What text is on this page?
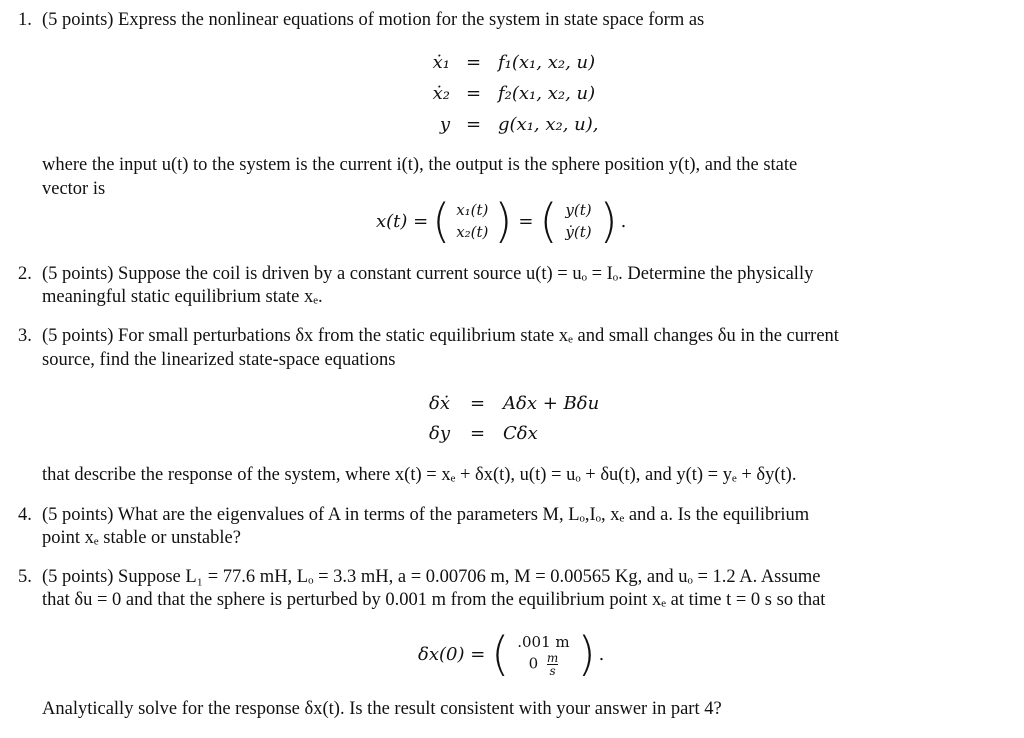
1. (5 points) Express the nonlinear equations of motion for the system in state space form as
ẋ₁ = f₁(x₁, x₂, u)
ẋ₂ = f₂(x₁, x₂, u)
y = g(x₁, x₂, u),
where the input u(t) to the system is the current i(t), the output is the sphere position y(t), and the state
vector is
x(t) = ( x₁(t)
x₂(t) ) = ( y(t)
ẏ(t) ) .
2. (5 points) Suppose the coil is driven by a constant current source u(t) = uₒ = Iₒ. Determine the physically
meaningful static equilibrium state xₑ.
3. (5 points) For small perturbations δx from the static equilibrium state xₑ and small changes δu in the current
source, find the linearized state-space equations
δẋ = Aδx + Bδu
δy = Cδx
that describe the response of the system, where x(t) = xₑ + δx(t), u(t) = uₒ + δu(t), and y(t) = yₑ + δy(t).
4. (5 points) What are the eigenvalues of A in terms of the parameters M, Lₒ,Iₒ, xₑ and a. Is the equilibrium
point xₑ stable or unstable?
5. (5 points) Suppose L₁ = 77.6 mH, Lₒ = 3.3 mH, a = 0.00706 m, M = 0.00565 Kg, and uₒ = 1.2 A. Assume
that δu = 0 and that the sphere is perturbed by 0.001 m from the equilibrium point xₑ at time t = 0 s so that
δx(0) = ( .001 m
$0 \frac{m}{s}$ ) .
Analytically solve for the response δx(t). Is the result consistent with your answer in part 4?
